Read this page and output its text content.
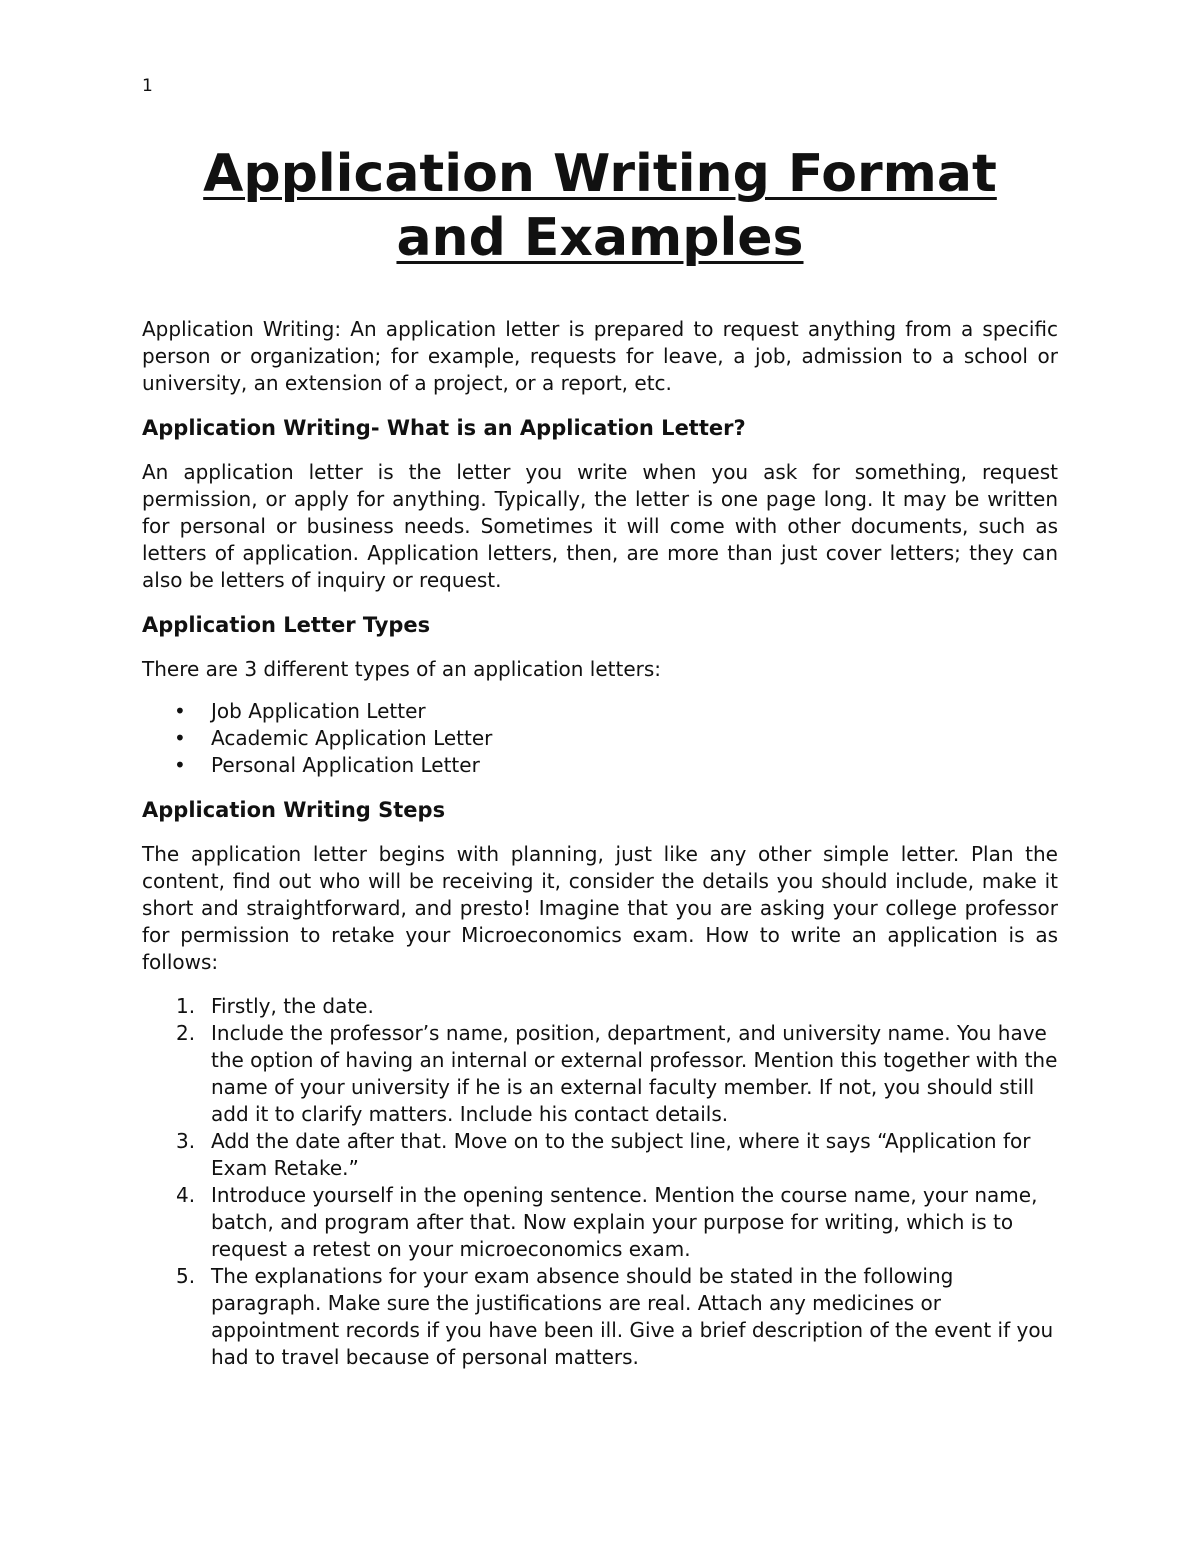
1
Application Writing Format
and Examples

Application Writing: An application letter is prepared to request anything from a specific person or organization; for example, requests for leave, a job, admission to a school or university, an extension of a project, or a report, etc.

Application Writing- What is an Application Letter?

An application letter is the letter you write when you ask for something, request permission, or apply for anything. Typically, the letter is one page long. It may be written for personal or business needs. Sometimes it will come with other documents, such as letters of application. Application letters, then, are more than just cover letters; they can also be letters of inquiry or request.

Application Letter Types

There are 3 different types of an application letters:

• Job Application Letter
• Academic Application Letter
• Personal Application Letter
Application Writing Steps

The application letter begins with planning, just like any other simple letter. Plan the content, find out who will be receiving it, consider the details you should include, make it short and straightforward, and presto! Imagine that you are asking your college professor for permission to retake your Microeconomics exam. How to write an application is as follows:

1. Firstly, the date.
2. Include the professor’s name, position, department, and university name. You have the option of having an internal or external professor. Mention this together with the name of your university if he is an external faculty member. If not, you should still add it to clarify matters. Include his contact details.
3. Add the date after that. Move on to the subject line, where it says “Application for Exam Retake.”
4. Introduce yourself in the opening sentence. Mention the course name, your name, batch, and program after that. Now explain your purpose for writing, which is to request a retest on your microeconomics exam.
5. The explanations for your exam absence should be stated in the following paragraph. Make sure the justifications are real. Attach any medicines or appointment records if you have been ill. Give a brief description of the event if you had to travel because of personal matters.
